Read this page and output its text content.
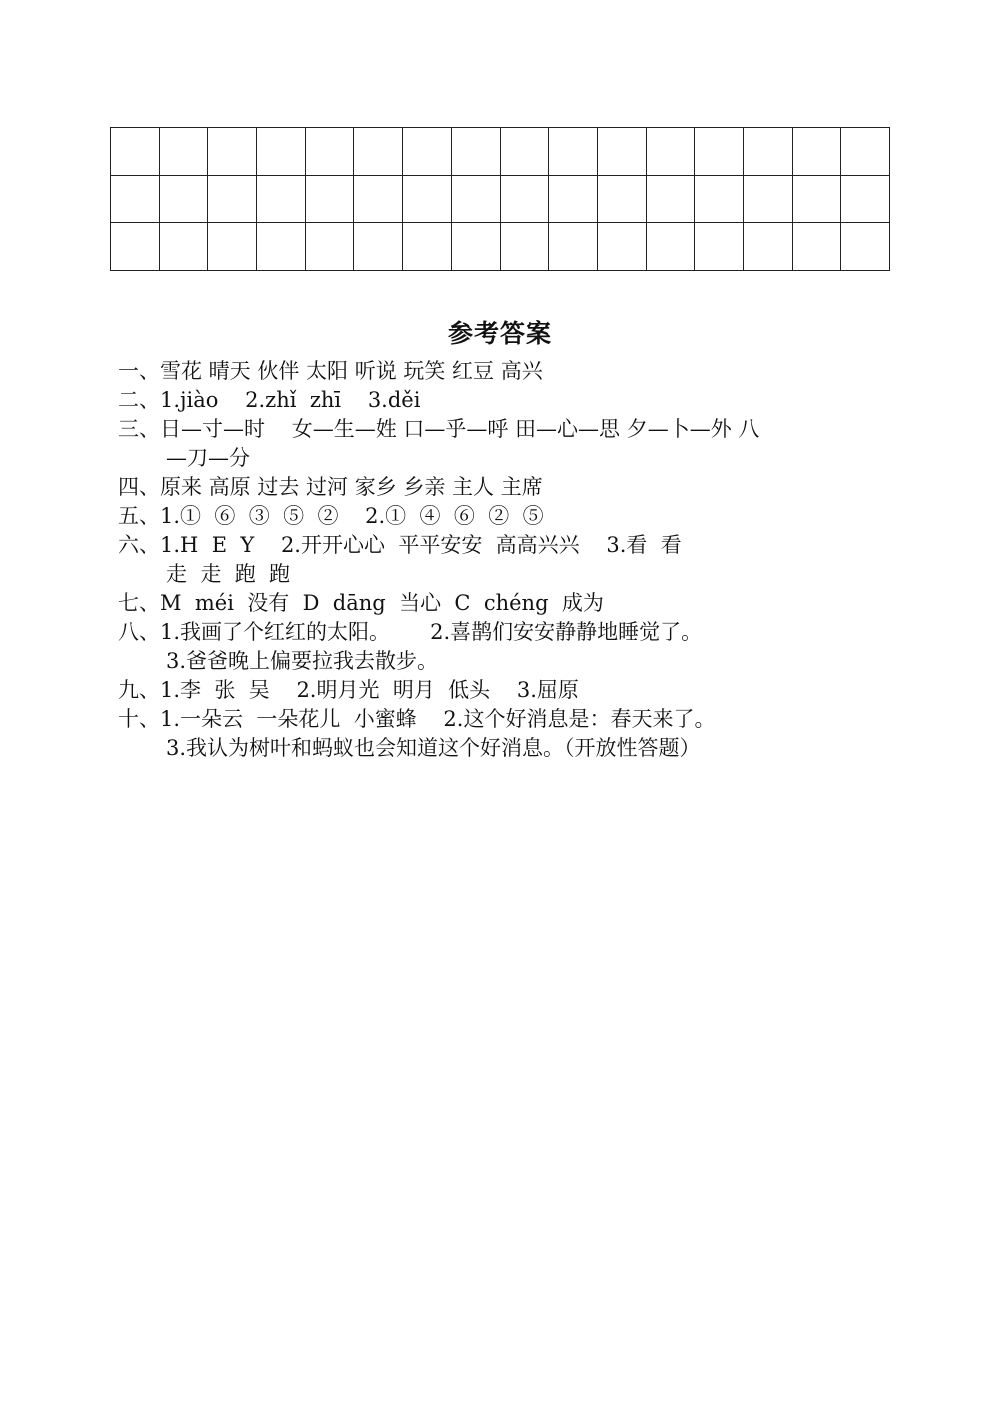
参考答案
一、雪花 晴天 伙伴 太阳 听说 玩笑 红豆 高兴
二、1.jiào    2.zhǐ  zhī    3.děi
三、日—寸—时    女—生—姓 口—乎—呼 田—心—思 夕—卜—外 八
—刀—分
四、原来 高原 过去 过河 家乡 乡亲 主人 主席
五、1.①  ⑥  ③  ⑤  ②    2.①  ④  ⑥  ②  ⑤
六、1.H  E  Y    2.开开心心  平平安安  高高兴兴    3.看  看
走  走  跑  跑
七、M  méi  没有  D  dāng  当心  C  chéng  成为
八、1.我画了个红红的太阳。      2.喜鹊们安安静静地睡觉了。
3.爸爸晚上偏要拉我去散步。
九、1.李  张  吴    2.明月光  明月  低头    3.屈原
十、1.一朵云  一朵花儿  小蜜蜂    2.这个好消息是：春天来了。
3.我认为树叶和蚂蚁也会知道这个好消息。（开放性答题）
